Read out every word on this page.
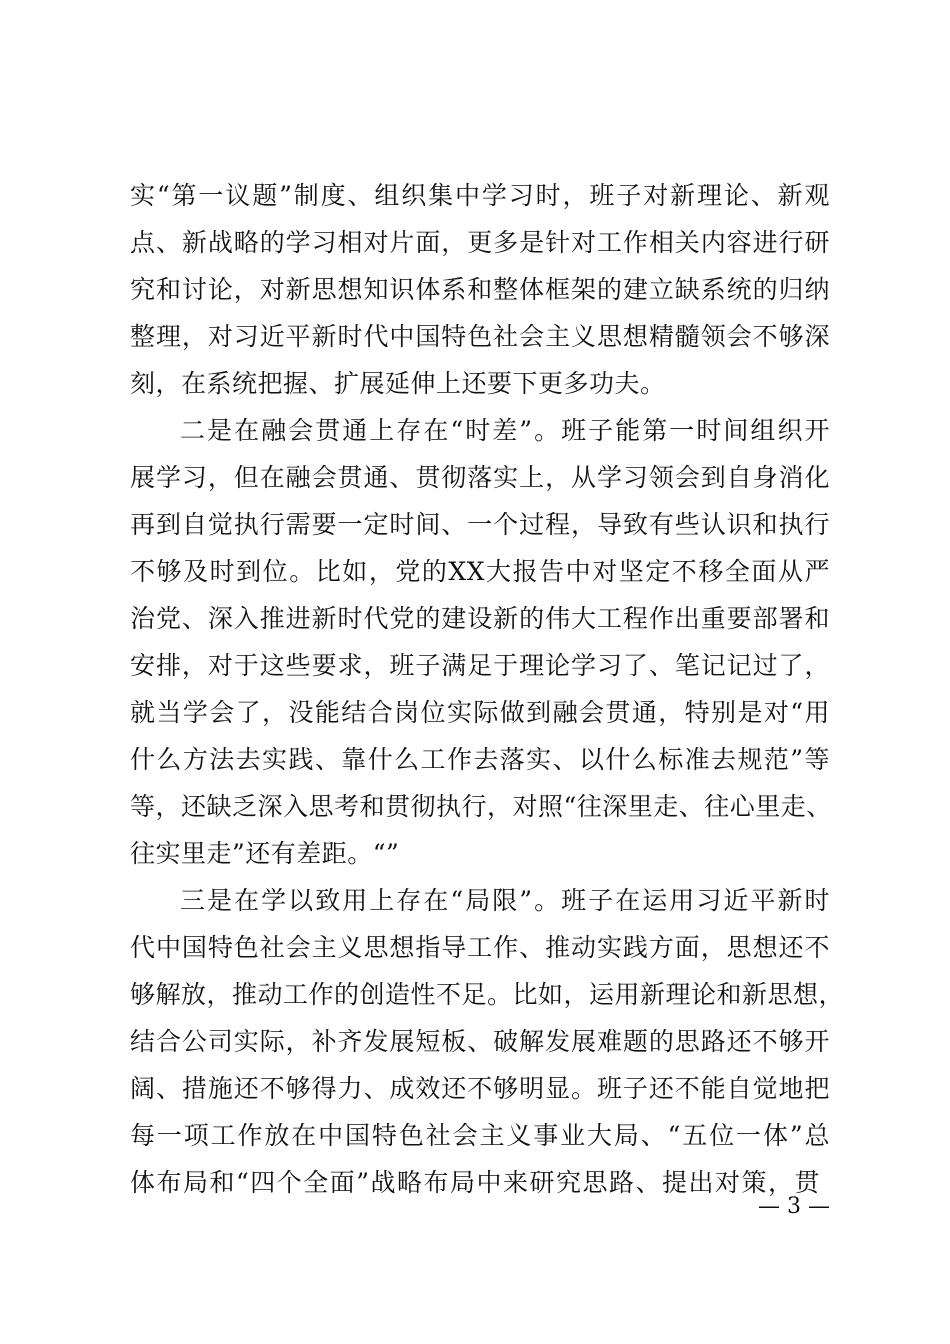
实“第一议题”制度、组织集中学习时，班子对新理论、新观
点、新战略的学习相对片面，更多是针对工作相关内容进行研
究和讨论，对新思想知识体系和整体框架的建立缺系统的归纳
整理，对习近平新时代中国特色社会主义思想精髓领会不够深
刻，在系统把握、扩展延伸上还要下更多功夫。
二是在融会贯通上存在“时差”。班子能第一时间组织开
展学习，但在融会贯通、贯彻落实上，从学习领会到自身消化
再到自觉执行需要一定时间、一个过程，导致有些认识和执行
不够及时到位。比如，党的XX大报告中对坚定不移全面从严
治党、深入推进新时代党的建设新的伟大工程作出重要部署和
安排，对于这些要求，班子满足于理论学习了、笔记记过了，
就当学会了，没能结合岗位实际做到融会贯通，特别是对“用
什么方法去实践、靠什么工作去落实、以什么标准去规范”等
等，还缺乏深入思考和贯彻执行，对照“往深里走、往心里走、
往实里走”还有差距。“”
三是在学以致用上存在“局限”。班子在运用习近平新时
代中国特色社会主义思想指导工作、推动实践方面，思想还不
够解放，推动工作的创造性不足。比如，运用新理论和新思想，
结合公司实际，补齐发展短板、破解发展难题的思路还不够开
阔、措施还不够得力、成效还不够明显。班子还不能自觉地把
每一项工作放在中国特色社会主义事业大局、“五位一体”总
体布局和“四个全面”战略布局中来研究思路、提出对策，贯
— 3 —
